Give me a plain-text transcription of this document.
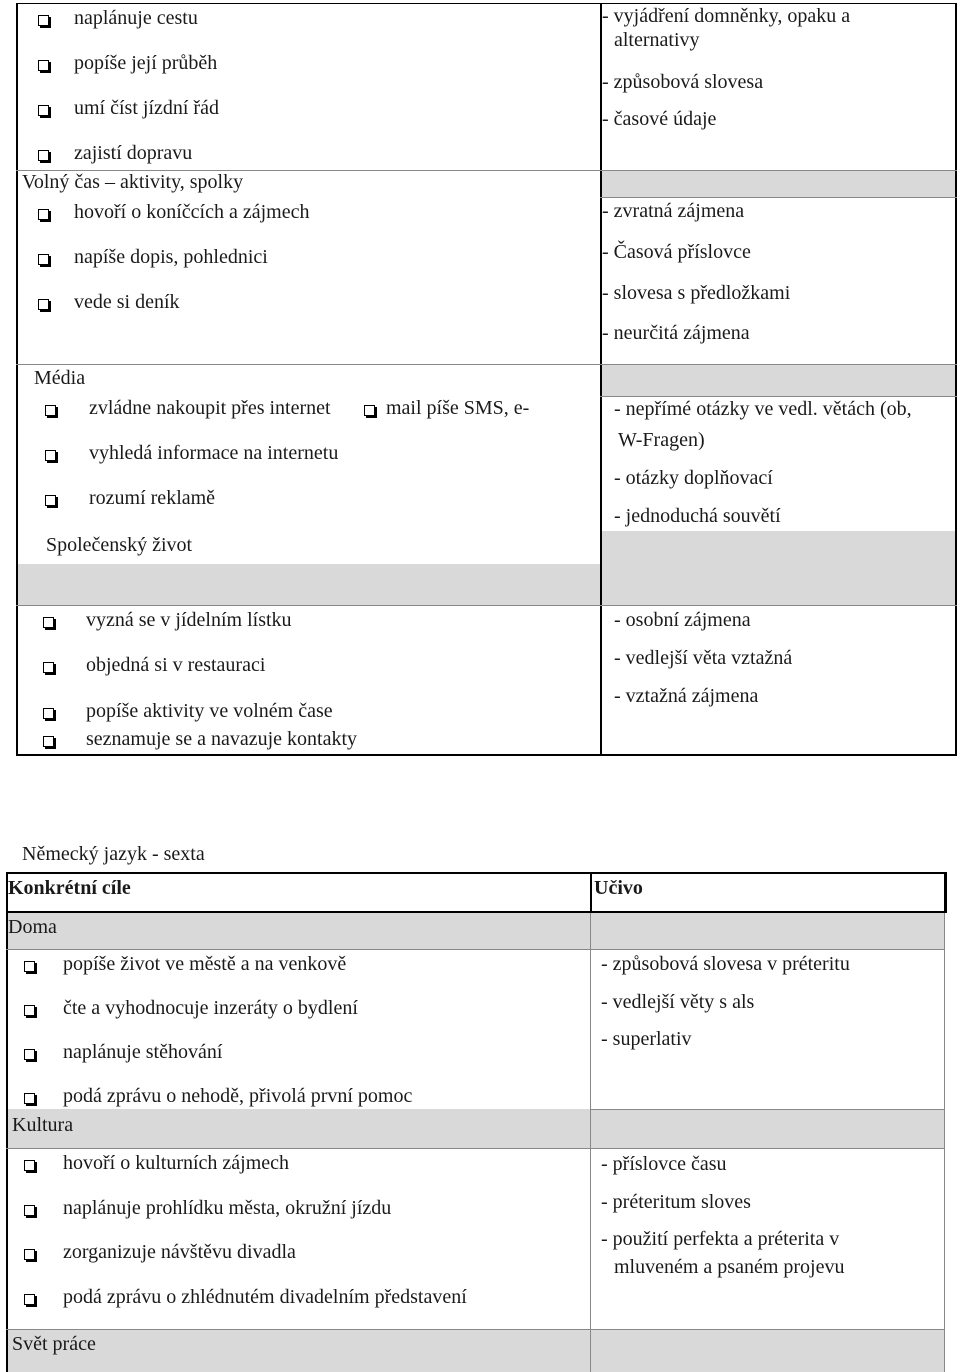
naplánuje cestu
popíše její průběh
umí číst jízdní řád
zajistí dopravu
- vyjádření domněnky, opaku a
alternativy
- způsobová slovesa
- časové údaje
Volný čas – aktivity, spolky
hovoří o koníčcích a zájmech
napíše dopis, pohlednici
vede si deník
- zvratná zájmena
- Časová příslovce
- slovesa s předložkami
- neurčitá zájmena
Média
zvládne nakoupit přes internet	mail píše SMS, e-
vyhledá informace na internetu
rozumí reklamě
Společenský život
- nepřímé otázky ve vedl. větách (ob,
W-Fragen)
- otázky doplňovací
- jednoduchá souvětí
vyzná se v jídelním lístku
objedná si v restauraci
popíše aktivity ve volném čase
seznamuje se a navazuje kontakty
- osobní zájmena
- vedlejší věta vztažná
- vztažná zájmena
Německý jazyk - sexta
Konkrétní cíle	Učivo
Doma
popíše život ve městě a na venkově
čte a vyhodnocuje inzeráty o bydlení
naplánuje stěhování
podá zprávu o nehodě, přivolá první pomoc
- způsobová slovesa v préteritu
- vedlejší věty s als
- superlativ
Kultura
hovoří o kulturních zájmech
naplánuje prohlídku města, okružní jízdu
zorganizuje návštěvu divadla
podá zprávu o zhlédnutém divadelním představení
- příslovce času
- préteritum sloves
- použití perfekta a préterita v
mluveném a psaném projevu
Svět práce
